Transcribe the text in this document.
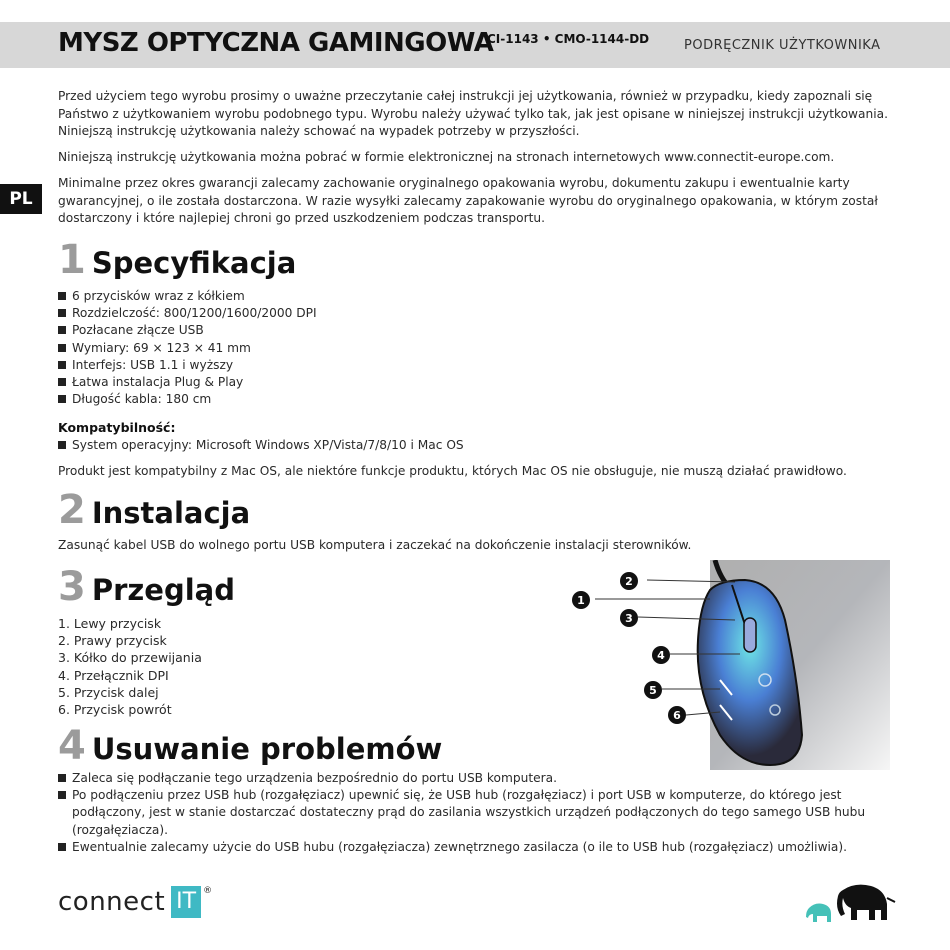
MYSZ OPTYCZNA GAMINGOWA
CI-1143 • CMO-1144-DD	PODRĘCZNIK UŻYTKOWNIKA
PL

Przed użyciem tego wyrobu prosimy o uważne przeczytanie całej instrukcji jej użytkowania, również w przypadku, kiedy zapoznali się Państwo z użytkowaniem wyrobu podobnego typu. Wyrobu należy używać tylko tak, jak jest opisane w niniejszej instrukcji użytkowania. Niniejszą instrukcję użytkowania należy schować na wypadek potrzeby w przyszłości.

Niniejszą instrukcję użytkowania można pobrać w formie elektronicznej na stronach internetowych www.connectit-europe.com.

Minimalne przez okres gwarancji zalecamy zachowanie oryginalnego opakowania wyrobu, dokumentu zakupu i ewentualnie karty gwarancyjnej, o ile została dostarczona. W razie wysyłki zalecamy zapakowanie wyrobu do oryginalnego opakowania, w którym został dostarczony i które najlepiej chroni go przed uszkodzeniem podczas transportu.

1 Specyfikacja
6 przycisków wraz z kółkiem
Rozdzielczość: 800/1200/1600/2000 DPI
Pozłacane złącze USB
Wymiary: 69 × 123 × 41 mm
Interfejs: USB 1.1 i wyższy
Łatwa instalacja Plug & Play
Długość kabla: 180 cm
Kompatybilność:
System operacyjny: Microsoft Windows XP/Vista/7/8/10 i Mac OS

Produkt jest kompatybilny z Mac OS, ale niektóre funkcje produktu, których Mac OS nie obsługuje, nie muszą działać prawidłowo.

2 Instalacja

Zasunąć kabel USB do wolnego portu USB komputera i zaczekać na dokończenie instalacji sterowników.

3 Przegląd
1. Lewy przycisk
2. Prawy przycisk
3. Kółko do przewijania
4. Przełącznik DPI
5. Przycisk dalej
6. Przycisk powrót
2
1
3
4
5
6
4 Usuwanie problemów
Zaleca się podłączanie tego urządzenia bezpośrednio do portu USB komputera.
Po podłączeniu przez USB hub (rozgałęziacz) upewnić się, że USB hub (rozgałęziacz) i port USB w komputerze, do którego jest podłączony, jest w stanie dostarczać dostateczny prąd do zasilania wszystkich urządzeń podłączonych do tego samego USB hubu (rozgałęziacza).
Ewentualnie zalecamy użycie do USB hubu (rozgałęziacza) zewnętrznego zasilacza (o ile to USB hub (rozgałęziacz) umożliwia).
connect IT ®
